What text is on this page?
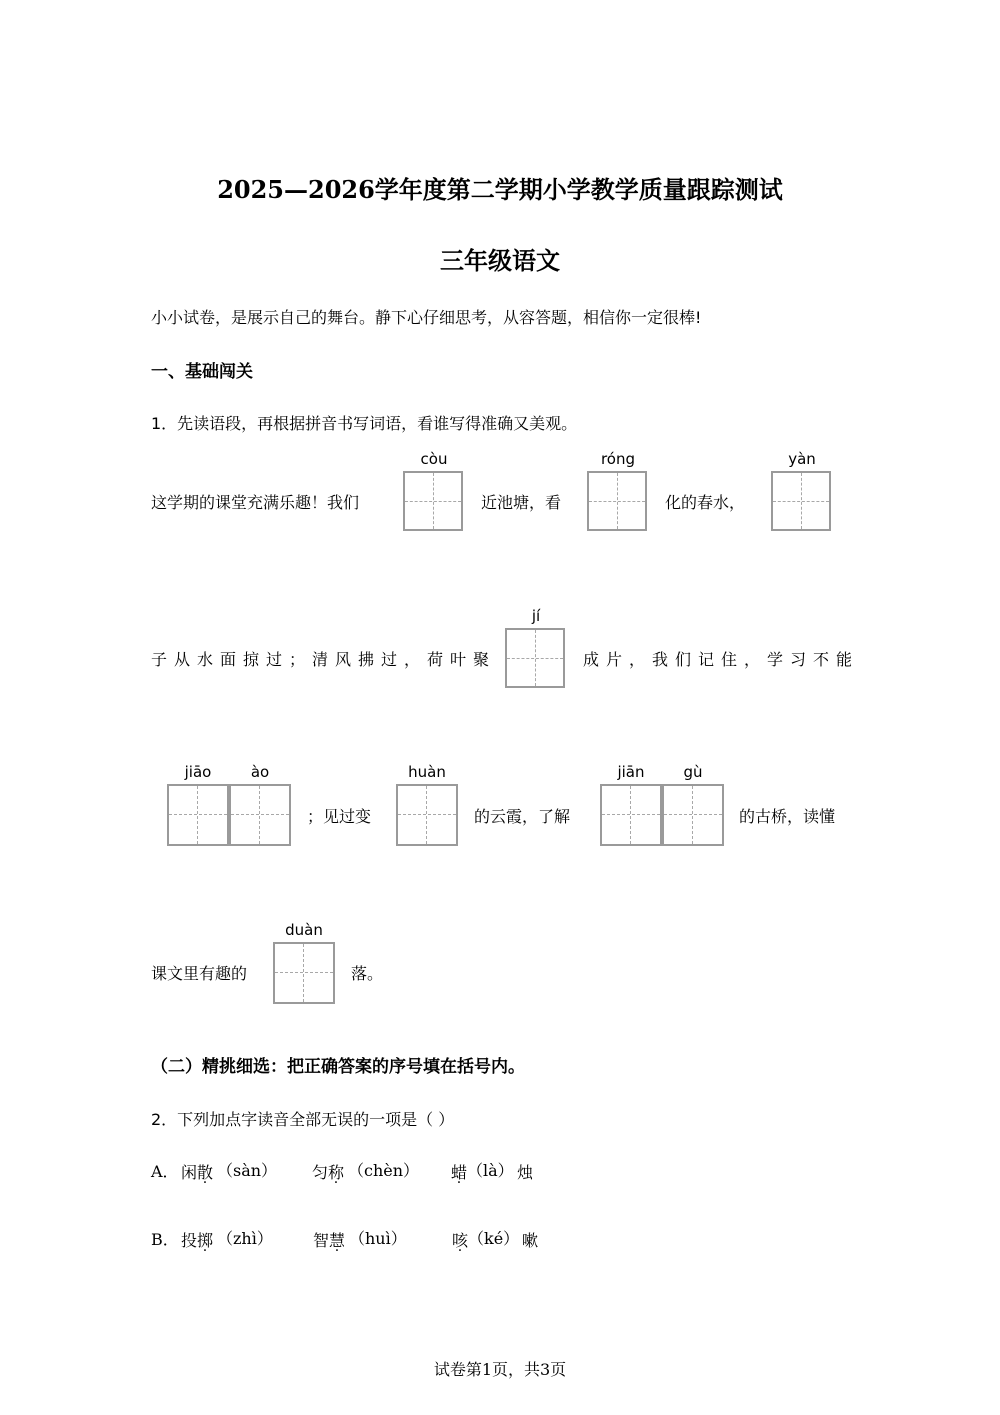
2025—2026学年度第二学期小学教学质量跟踪测试
三年级语文
小小试卷，是展示自己的舞台。静下心仔细思考，从容答题，相信你一定很棒!
一、基础闯关
1．先读语段，再根据拼音书写词语，看谁写得准确又美观。
这学期的课堂充满乐趣！我们
còu
近池塘，看
róng
化的春水，
yàn
子从水面掠过；清风拂过，荷叶聚
jí
成片，我们记住，学习不能
jiāo	ào
；见过变
huàn
的云霞，了解
jiān	gù
的古桥，读懂
课文里有趣的
duàn
落。
（二）精挑细选：把正确答案的序号填在括号内。
2．下列加点字读音全部无误的一项是（ ）
A． 闲散 （sàn） 匀称 （chèn） 蜡 （là） 烛
B． 投掷 （zhì）	智慧 （huì）	咳 （ké） 嗽
试卷第1页，共3页
